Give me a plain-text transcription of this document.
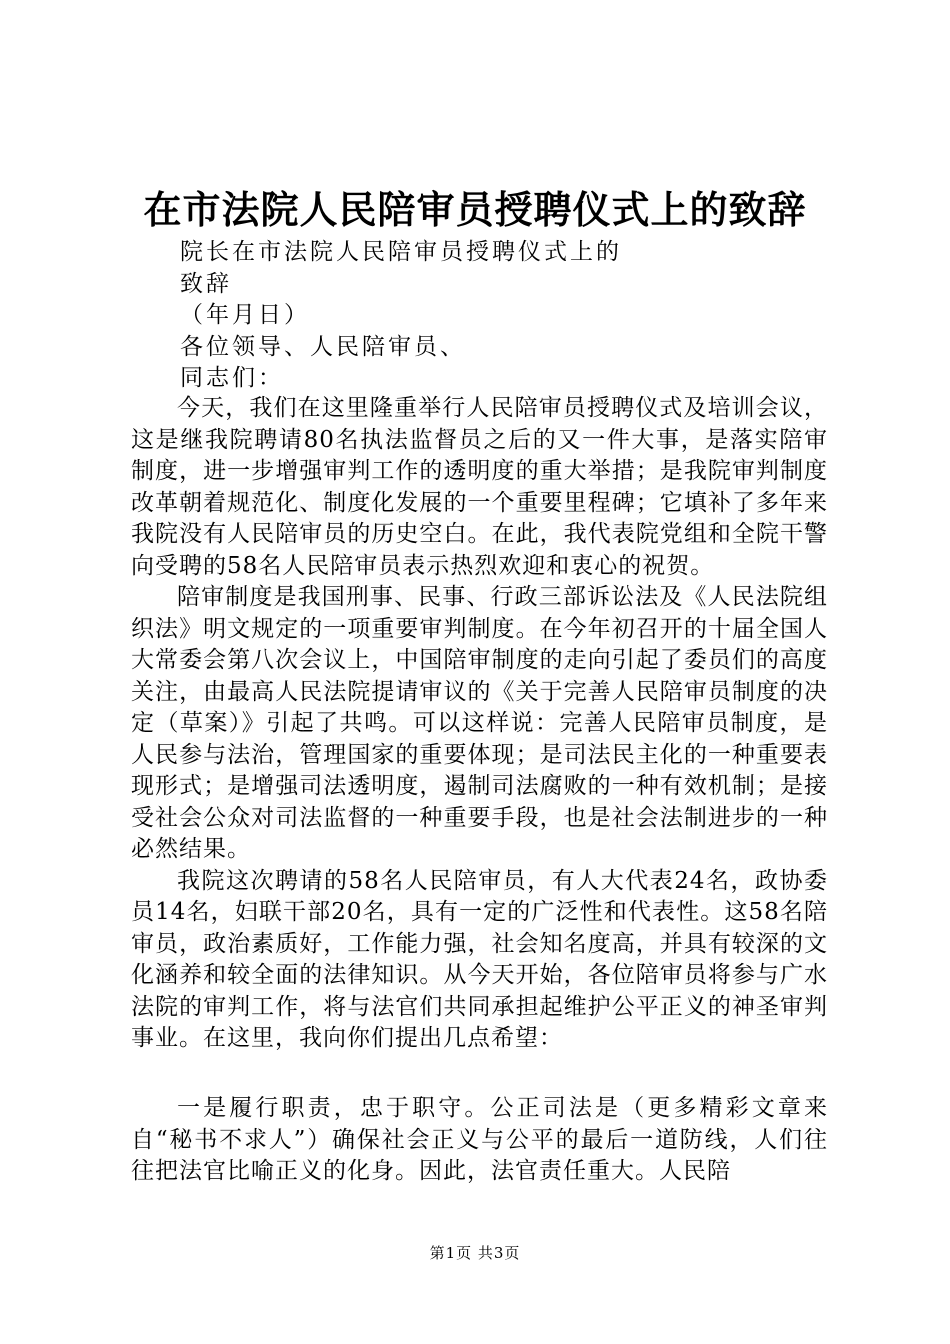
在市法院人民陪审员授聘仪式上的致辞
院长在市法院人民陪审员授聘仪式上的
致辞
（年月日）
各位领导、人民陪审员、
同志们：

今天，我们在这里隆重举行人民陪审员授聘仪式及培训会议，这是继我院聘请80名执法监督员之后的又一件大事，是落实陪审制度，进一步增强审判工作的透明度的重大举措；是我院审判制度改革朝着规范化、制度化发展的一个重要里程碑；它填补了多年来我院没有人民陪审员的历史空白。在此，我代表院党组和全院干警向受聘的58名人民陪审员表示热烈欢迎和衷心的祝贺。

陪审制度是我国刑事、民事、行政三部诉讼法及《人民法院组织法》明文规定的一项重要审判制度。在今年初召开的十届全国人大常委会第八次会议上，中国陪审制度的走向引起了委员们的高度关注，由最高人民法院提请审议的《关于完善人民陪审员制度的决定（草案）》引起了共鸣。可以这样说：完善人民陪审员制度，是人民参与法治，管理国家的重要体现；是司法民主化的一种重要表现形式；是增强司法透明度，遏制司法腐败的一种有效机制；是接受社会公众对司法监督的一种重要手段，也是社会法制进步的一种必然结果。

我院这次聘请的58名人民陪审员，有人大代表24名，政协委员14名，妇联干部20名，具有一定的广泛性和代表性。这58名陪审员，政治素质好，工作能力强，社会知名度高，并具有较深的文化涵养和较全面的法律知识。从今天开始，各位陪审员将参与广水法院的审判工作，将与法官们共同承担起维护公平正义的神圣审判事业。在这里，我向你们提出几点希望：

一是履行职责，忠于职守。公正司法是（更多精彩文章来自“秘书不求人”）确保社会正义与公平的最后一道防线，人们往往把法官比喻正义的化身。因此，法官责任重大。人民陪

第1页 共3页
